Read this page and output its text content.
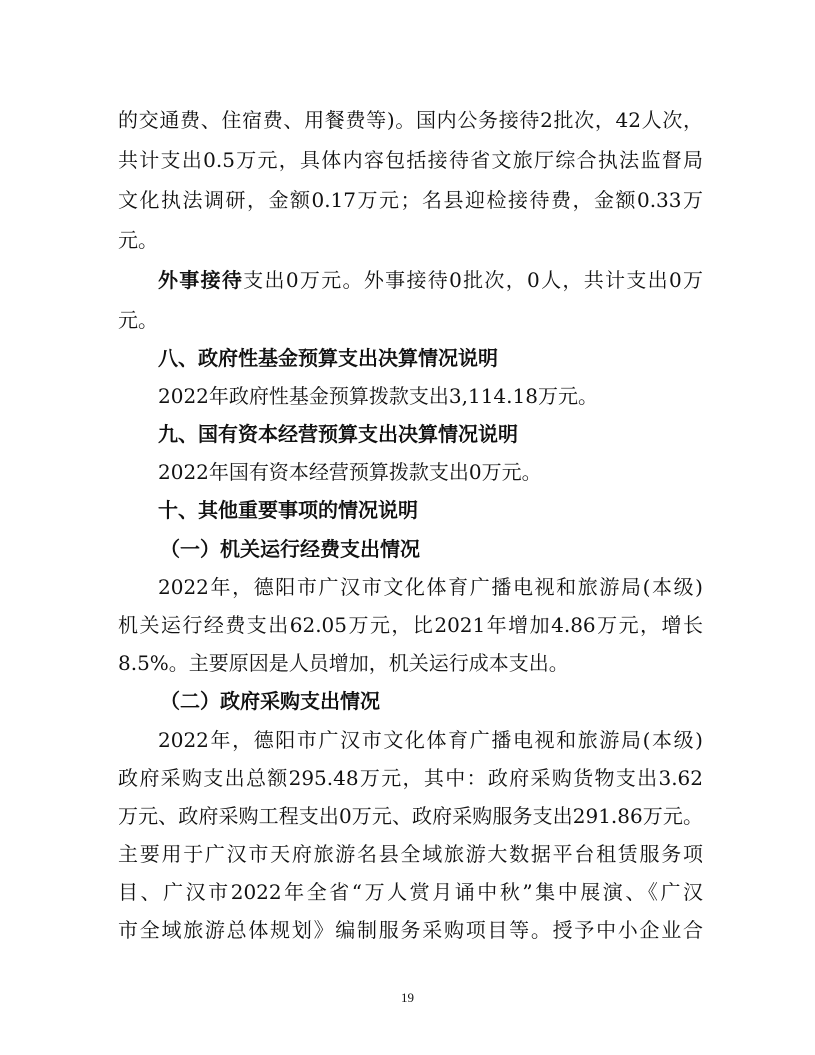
的交通费、住宿费、用餐费等)。国内公务接待2批次，42人次，
共计支出0.5万元，具体内容包括接待省文旅厅综合执法监督局
文化执法调研，金额0.17万元；名县迎检接待费，金额0.33万
元。
外事接待支出0万元。外事接待0批次，0人，共计支出0万
元。
八、政府性基金预算支出决算情况说明
2022年政府性基金预算拨款支出3,114.18万元。
九、国有资本经营预算支出决算情况说明
2022年国有资本经营预算拨款支出0万元。
十、其他重要事项的情况说明
（一）机关运行经费支出情况
2022年，德阳市广汉市文化体育广播电视和旅游局(本级)
机关运行经费支出62.05万元，比2021年增加4.86万元，增长
8.5%。主要原因是人员增加，机关运行成本支出。
（二）政府采购支出情况
2022年，德阳市广汉市文化体育广播电视和旅游局(本级)
政府采购支出总额295.48万元，其中：政府采购货物支出3.62
万元、政府采购工程支出0万元、政府采购服务支出291.86万元。
主要用于广汉市天府旅游名县全域旅游大数据平台租赁服务项
目、广汉市2022年全省“万人赏月诵中秋”集中展演、《广汉
市全域旅游总体规划》编制服务采购项目等。授予中小企业合
19
